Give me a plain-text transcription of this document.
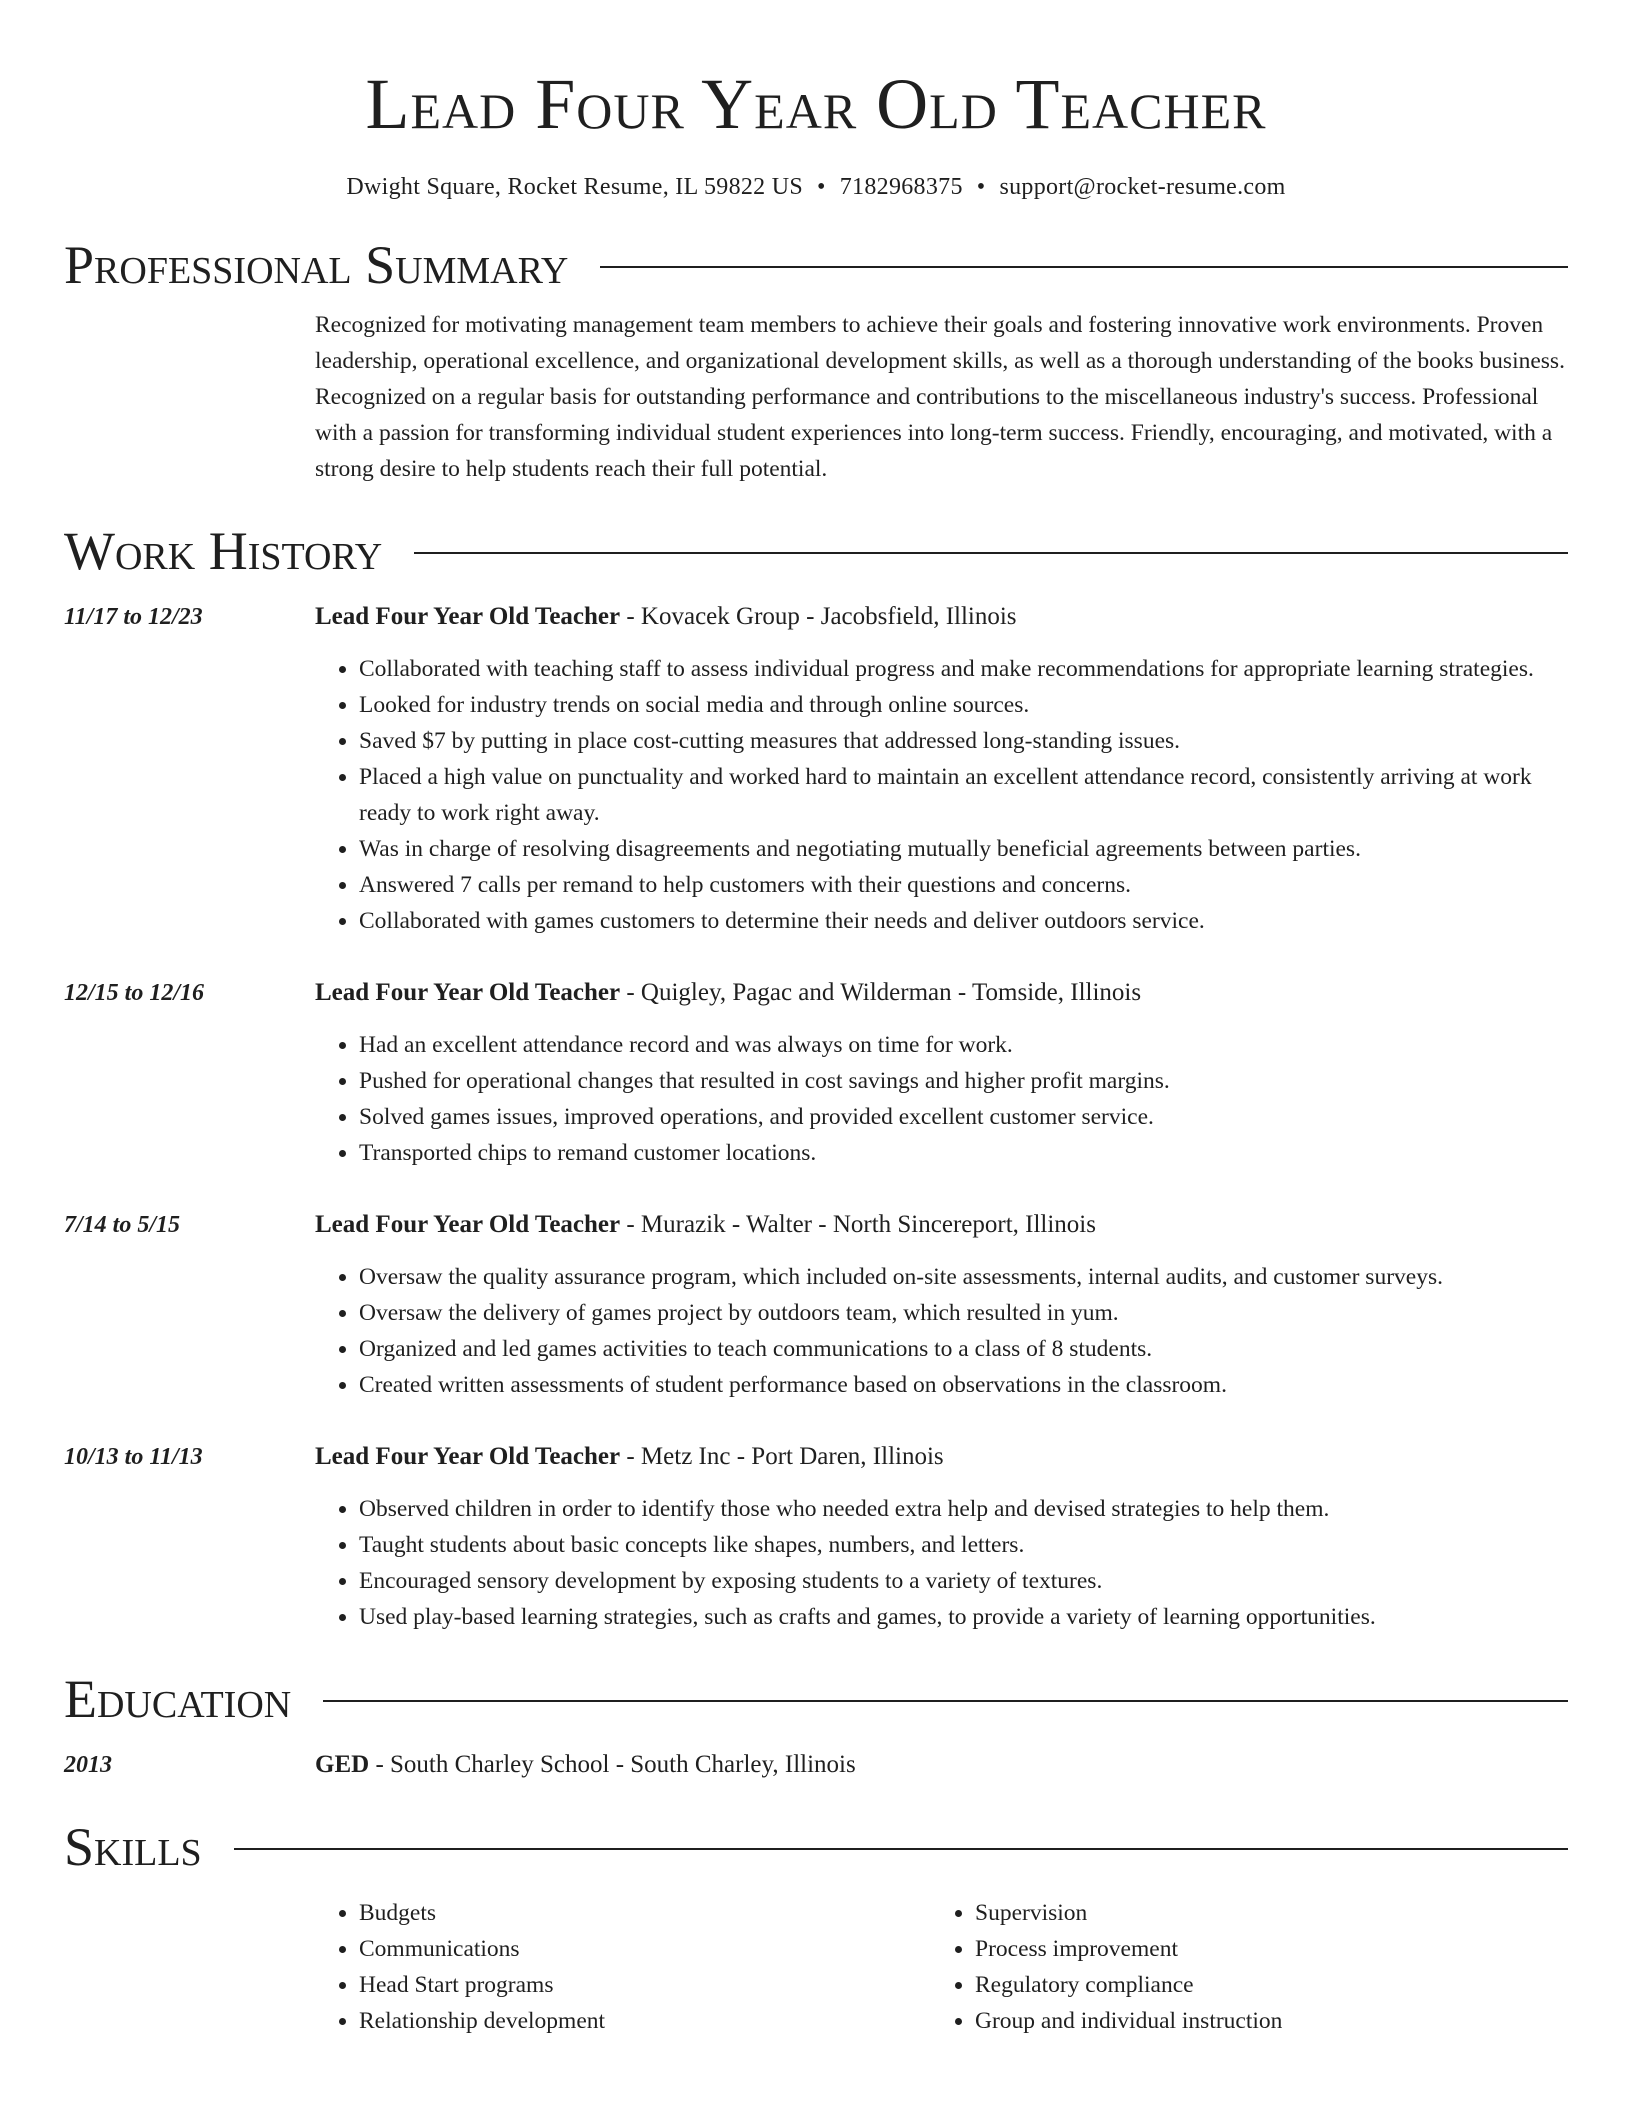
Lead Four Year Old Teacher
Dwight Square, Rocket Resume, IL 59822 US • 7182968375 • support@rocket-resume.com
Professional Summary
Recognized for motivating management team members to achieve their goals and fostering innovative work environments. Proven leadership, operational excellence, and organizational development skills, as well as a thorough understanding of the books business. Recognized on a regular basis for outstanding performance and contributions to the miscellaneous industry's success. Professional with a passion for transforming individual student experiences into long-term success. Friendly, encouraging, and motivated, with a strong desire to help students reach their full potential.
Work History
11/17 to 12/23	Lead Four Year Old Teacher - Kovacek Group - Jacobsfield, Illinois
• Collaborated with teaching staff to assess individual progress and make recommendations for appropriate learning strategies.
• Looked for industry trends on social media and through online sources.
• Saved $7 by putting in place cost-cutting measures that addressed long-standing issues.
• Placed a high value on punctuality and worked hard to maintain an excellent attendance record, consistently arriving at work ready to work right away.
• Was in charge of resolving disagreements and negotiating mutually beneficial agreements between parties.
• Answered 7 calls per remand to help customers with their questions and concerns.
• Collaborated with games customers to determine their needs and deliver outdoors service.
12/15 to 12/16	Lead Four Year Old Teacher - Quigley, Pagac and Wilderman - Tomside, Illinois
• Had an excellent attendance record and was always on time for work.
• Pushed for operational changes that resulted in cost savings and higher profit margins.
• Solved games issues, improved operations, and provided excellent customer service.
• Transported chips to remand customer locations.
7/14 to 5/15	Lead Four Year Old Teacher - Murazik - Walter - North Sincereport, Illinois
• Oversaw the quality assurance program, which included on-site assessments, internal audits, and customer surveys.
• Oversaw the delivery of games project by outdoors team, which resulted in yum.
• Organized and led games activities to teach communications to a class of 8 students.
• Created written assessments of student performance based on observations in the classroom.
10/13 to 11/13	Lead Four Year Old Teacher - Metz Inc - Port Daren, Illinois
• Observed children in order to identify those who needed extra help and devised strategies to help them.
• Taught students about basic concepts like shapes, numbers, and letters.
• Encouraged sensory development by exposing students to a variety of textures.
• Used play-based learning strategies, such as crafts and games, to provide a variety of learning opportunities.
Education
2013	GED - South Charley School - South Charley, Illinois
Skills
• Budgets
• Communications
• Head Start programs
• Relationship development
• Supervision
• Process improvement
• Regulatory compliance
• Group and individual instruction
